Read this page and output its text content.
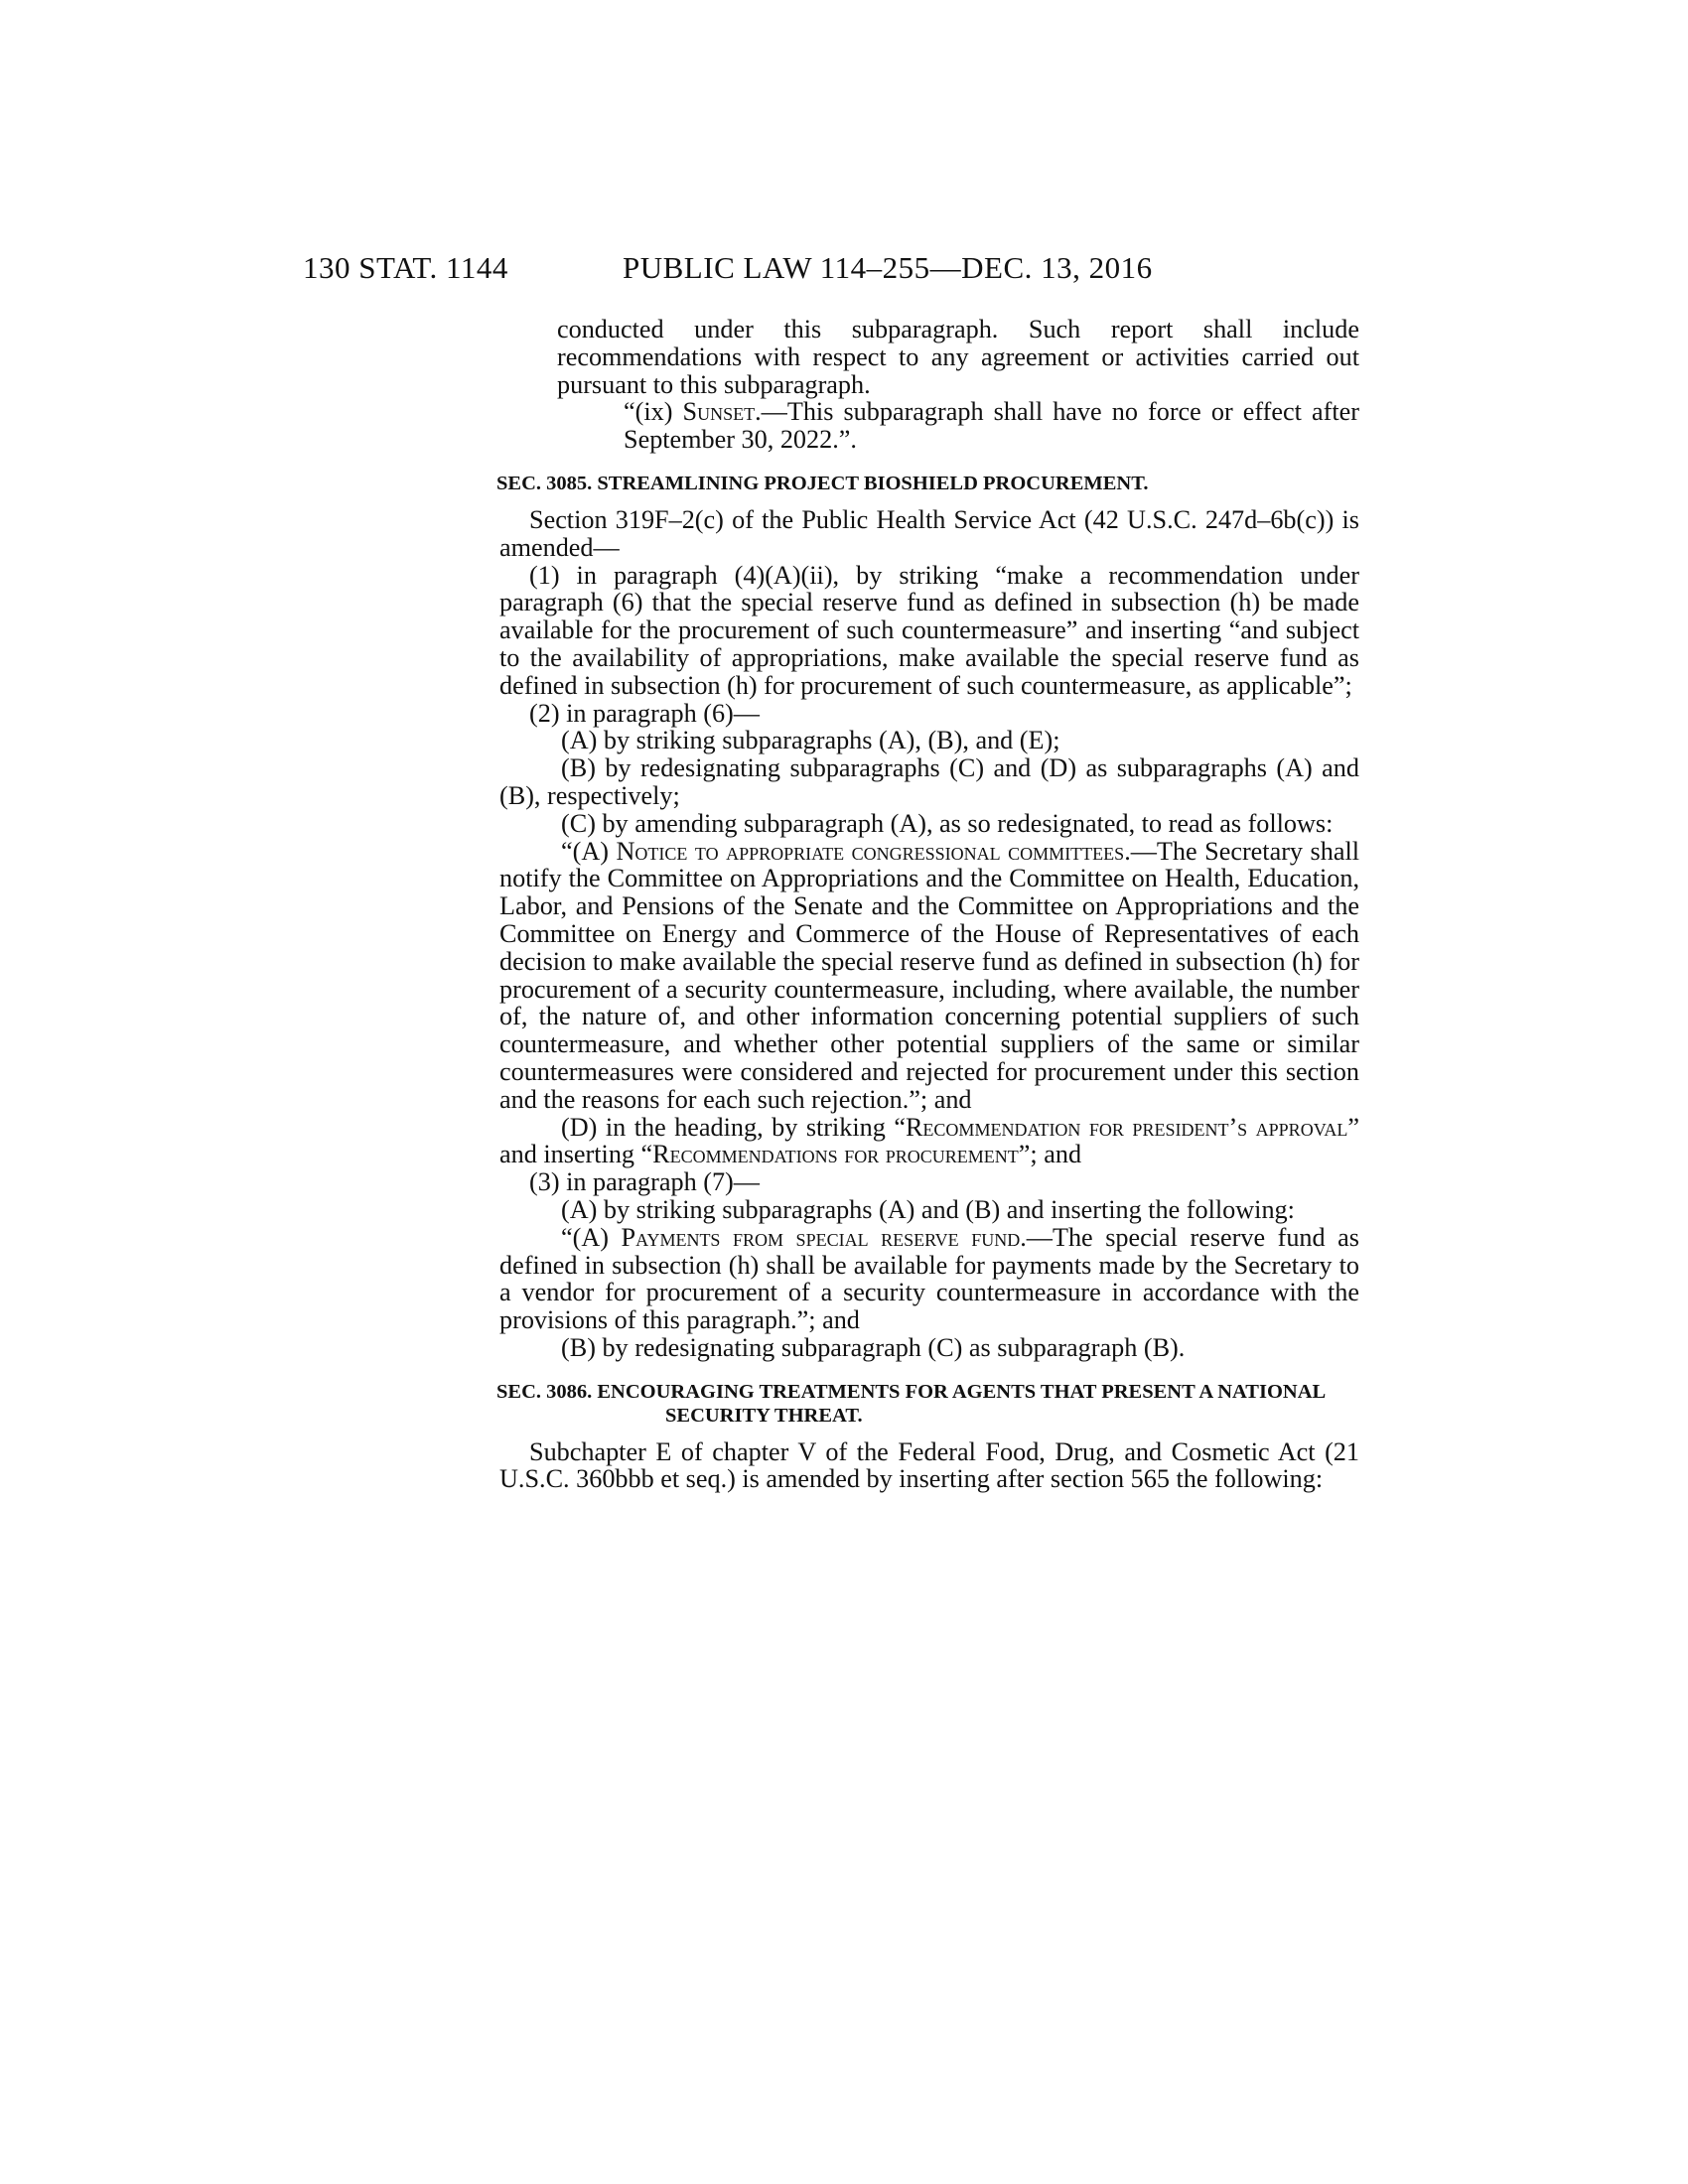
130 STAT. 1144	PUBLIC LAW 114–255—DEC. 13, 2016

conducted under this subparagraph. Such report shall include recommendations with respect to any agreement or activities carried out pursuant to this subparagraph.

“(ix) Sunset.—This subparagraph shall have no force or effect after September 30, 2022.”.

SEC. 3085. STREAMLINING PROJECT BIOSHIELD PROCUREMENT.

Section 319F–2(c) of the Public Health Service Act (42 U.S.C. 247d–6b(c)) is amended—

(1) in paragraph (4)(A)(ii), by striking “make a recommendation under paragraph (6) that the special reserve fund as defined in subsection (h) be made available for the procurement of such countermeasure” and inserting “and subject to the availability of appropriations, make available the special reserve fund as defined in subsection (h) for procurement of such countermeasure, as applicable”;

(2) in paragraph (6)—

(A) by striking subparagraphs (A), (B), and (E);

(B) by redesignating subparagraphs (C) and (D) as subparagraphs (A) and (B), respectively;

(C) by amending subparagraph (A), as so redesignated, to read as follows:

“(A) Notice to appropriate congressional committees.—The Secretary shall notify the Committee on Appropriations and the Committee on Health, Education, Labor, and Pensions of the Senate and the Committee on Appropriations and the Committee on Energy and Commerce of the House of Representatives of each decision to make available the special reserve fund as defined in subsection (h) for procurement of a security countermeasure, including, where available, the number of, the nature of, and other information concerning potential suppliers of such countermeasure, and whether other potential suppliers of the same or similar countermeasures were considered and rejected for procurement under this section and the reasons for each such rejection.”; and

(D) in the heading, by striking “Recommendation for president’s approval” and inserting “Recommendations for procurement”; and

(3) in paragraph (7)—

(A) by striking subparagraphs (A) and (B) and inserting the following:

“(A) Payments from special reserve fund.—The special reserve fund as defined in subsection (h) shall be available for payments made by the Secretary to a vendor for procurement of a security countermeasure in accordance with the provisions of this paragraph.”; and

(B) by redesignating subparagraph (C) as subparagraph (B).

SEC. 3086. ENCOURAGING TREATMENTS FOR AGENTS THAT PRESENT A NATIONAL SECURITY THREAT.

Subchapter E of chapter V of the Federal Food, Drug, and Cosmetic Act (21 U.S.C. 360bbb et seq.) is amended by inserting after section 565 the following:
